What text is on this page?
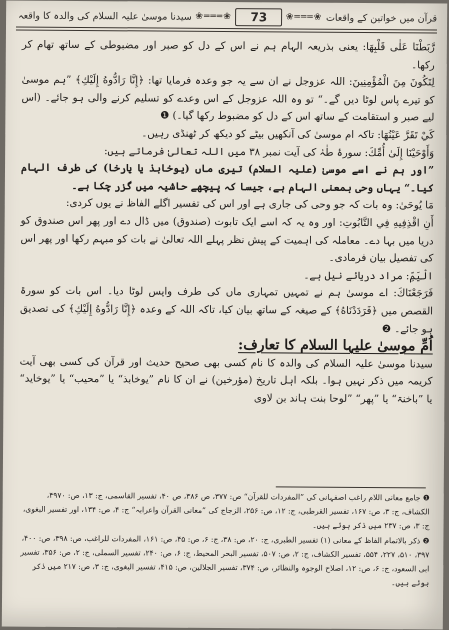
قرآن میں خواتین کے واقعات
❀═══❀
73
❀═══❀
سیدنا موسیٰ علیہ السلام کی والدہ کا واقعہ

رَّبَطْنَا عَلٰی قَلْبِهَا: یعنی بذریعہ الہام ہم نے اس کے دل کو صبر اور مضبوطی کے ساتھ تھام کر رکھا۔

لِتَكُونَ مِنَ الْمُؤْمِنِينَ: اللہ عزوجل نے ان سے یہ جو وعدہ فرمایا تھا: ﴿إِنَّا رَادُّوهُ إِلَيْكِ﴾ ”ہم موسیٰ کو تیرے پاس لوٹا دیں گے۔“ تو وہ اللہ عزوجل کے اس وعدے کو تسلیم کرنے والی ہو جائے۔ (اس لیے صبر و استقامت کے ساتھ اس کے دل کو مضبوط رکھا گیا۔) ❶

كَيْ تَقَرَّ عَيْنُهَا: تاکہ ام موسیٰ کی آنکھیں بیٹے کو دیکھ کر ٹھنڈی رہیں۔

وَأَوْحَيْنَا إِلَىٰ أُمِّكَ: سورۂ طٰہٰ کی آیت نمبر ۳۸ میں اللہ تعالیٰ فرماتے ہیں:

”اور ہم نے اسے موسیٰ (علیہ السلام) تیری ماں (یوخابذ یا یارخا) کی طرف الہام کیا۔“ یہاں وحی بمعنی الہام ہے، جیسا کہ پیچھے حاشیہ میں گزر چکا ہے۔

مَا يُوحَىٰ: وہ بات کہ جو وحی کی جاری ہے اور اس کی تفسیر اگلے الفاظ نے یوں کردی:

أَنِ اقْذِفِيهِ فِي التَّابُوتِ: اور وہ یہ کہ اسے ایک تابوت (صندوق) میں ڈال دے اور پھر اس صندوق کو دریا میں بہا دے۔ معاملہ کی اہمیت کے پیش نظر پہلے اللہ تعالیٰ نے بات کو مبہم رکھا اور پھر اس کی تفصیل بیان فرمادی۔

الْيَمِّ: مراد دریائے نیل ہے۔

فَرَجَعْنَاكَ: اے موسیٰ ہم نے تمہیں تمہاری ماں کی طرف واپس لوٹا دیا۔ اس بات کو سورۃ القصص میں ﴿فَرَدَدْنَاهُ﴾ کے صیغہ کے ساتھ بیان کیا، تاکہ اللہ کے وعدہ ﴿إِنَّا رَادُّوهُ إِلَيْكِ﴾ کی تصدیق ہو جائے۔ ❷

اُمِّ موسیٰ علیہا السلام کا تعارف:

سیدنا موسیٰ علیہ السلام کی والدہ کا نام کسی بھی صحیح حدیث اور قرآن کی کسی بھی آیت کریمہ میں ذکر نہیں ہوا۔ بلکہ اہل تاریخ (مؤرخین) نے ان کا نام ”یوخابذ“ یا ”محیب“ یا ”یوخاید“ یا ”باخنۃ“ یا ”پھر“ ”لوحا بنت ہاند بن لاوی

❶ جامع معانی اللام راغب اصفہانی کی ”المفردات للقرآن“ ص: ۳۷۷، ص ۳۸۶، ص ۴۰، تفسیر القاسمی، ج: ۱۳، ص: ۴۹۷۰، الکشاف، ج: ۳، ص: ۱۶۷، تفسیر القرطبی، ج: ۱۲، ص: ۲۵۶، الزجاج کی ”معانی القرآن واعرابہ“ ج: ۴، ص: ۱۳۴، اور تفسیر البغوی، ج: ۳، ص: ۲۳۷ میں ذکر ہوئے ہیں۔

❷ ذکر بالاتمام الفاظ کے معانی (۱) تفسیر الطبری، ج: ۲۰، ص: ۳۸، ج: ۶، ص: ۴۵، ص: ۱۶۱، المفردات للراغب، ص: ۳۹۸، ص: ۴۰۰، ۳۹۷، ۵۱۰، ۲۲۷، ۵۵۴، تفسیر الکشاف، ج: ۲، ص: ۵۰۷، تفسیر البحر المحیط، ج: ۶، ص: ۲۴۰، تفسیر السملی، ج: ۲، ص: ۳۵۶، تفسیر ابی السعود، ج: ۶، ص: ۱۲، اصلاح الوجوہ والنظائر، ص: ۳۷۴، تفسیر الجلالین، ص: ۴۱۵، تفسیر البغوی، ج: ۳، ص: ۲۱۷ میں ذکر ہوئے ہیں۔
